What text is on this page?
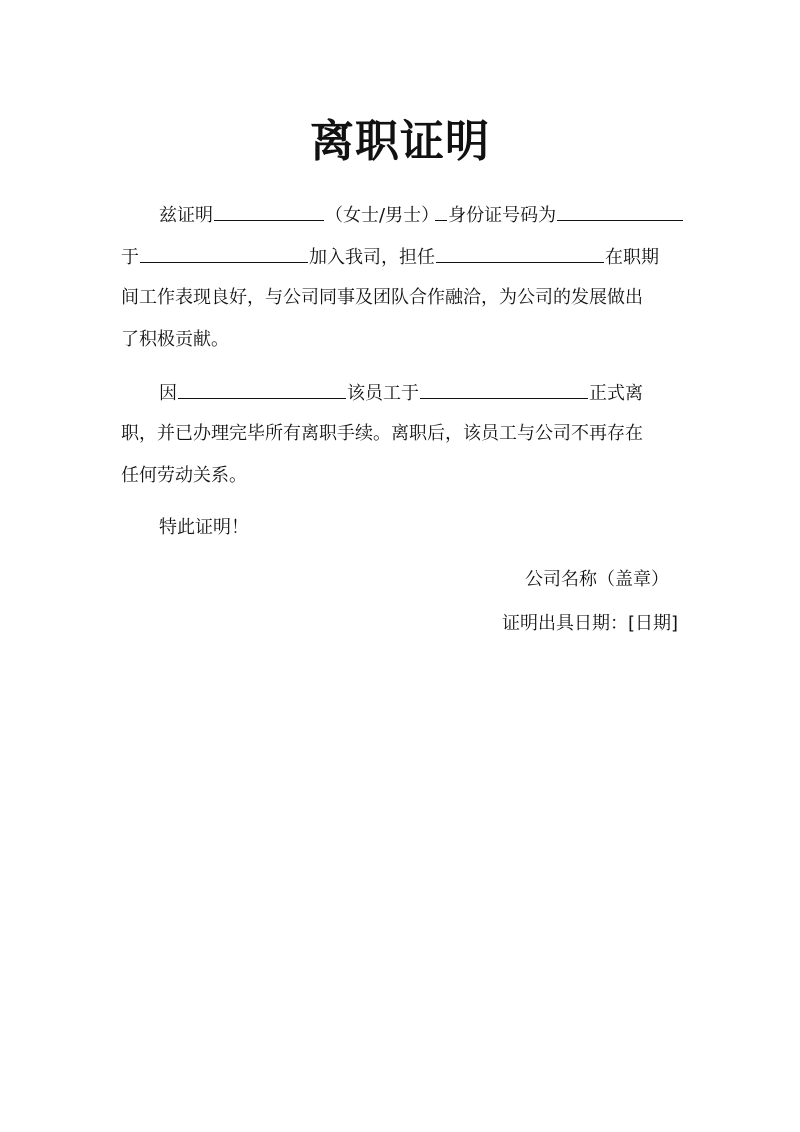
离职证明
兹证明	（女士/男士） 身份证号码为
于	加入我司，担任	在职期
间工作表现良好，与公司同事及团队合作融洽，为公司的发展做出
了积极贡献。
因	该员工于	正式离
职，并已办理完毕所有离职手续。离职后，该员工与公司不再存在
任何劳动关系。
特此证明！
公司名称（盖章）
证明出具日期：[日期]
